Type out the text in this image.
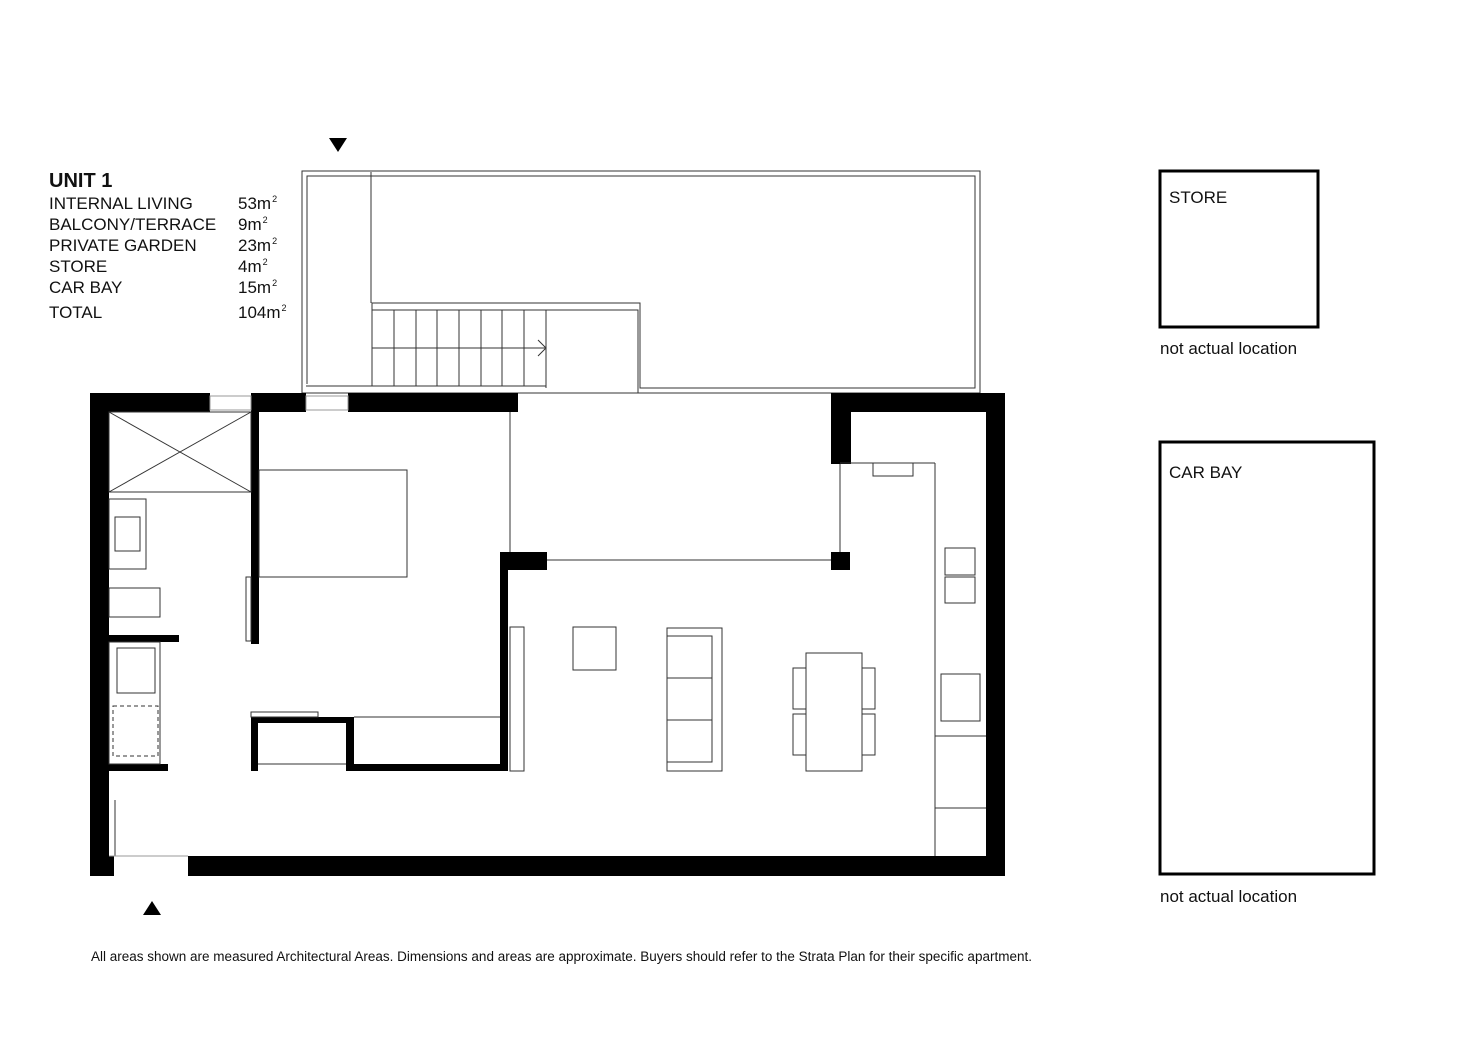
UNIT 1
INTERNAL LIVING	$53m^2$
BALCONY/TERRACE $9m^2$
PRIVATE GARDEN $23m^2$
STORE	$4m^2$
CAR BAY	$15m^2$
TOTAL	$104m^2$
STORE
not actual location
CAR BAY
not actual location
All areas shown are measured Architectural Areas. Dimensions and areas are approximate. Buyers should refer to the Strata Plan for their specific apartment.
